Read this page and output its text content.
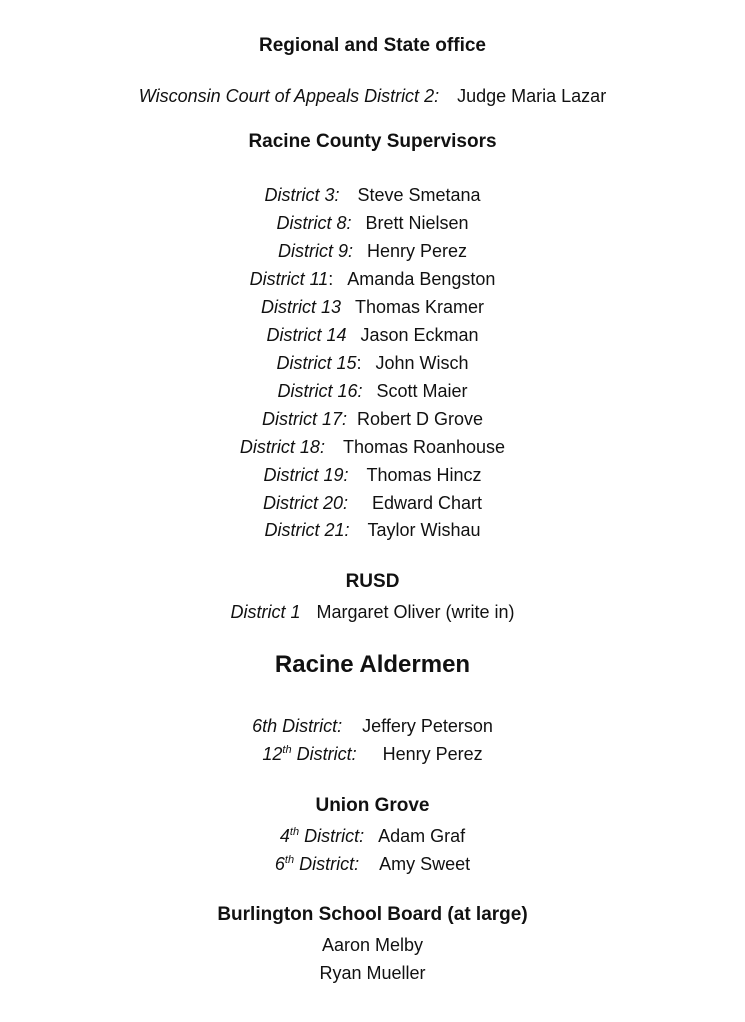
Regional and State office
Wisconsin Court of Appeals District 2: Judge Maria Lazar
Racine County Supervisors
District 3: Steve Smetana
District 8: Brett Nielsen
District 9: Henry Perez
District 11: Amanda Bengston
District 13 Thomas Kramer
District 14 Jason Eckman
District 15: John Wisch
District 16: Scott Maier
District 17: Robert D Grove
District 18: Thomas Roanhouse
District 19: Thomas Hincz
District 20: Edward Chart
District 21: Taylor Wishau
RUSD
District 1 Margaret Oliver (write in)
Racine Aldermen
6th District: Jeffery Peterson
12th District: Henry Perez
Union Grove
4th District: Adam Graf
6th District: Amy Sweet
Burlington School Board (at large)
Aaron Melby
Ryan Mueller
